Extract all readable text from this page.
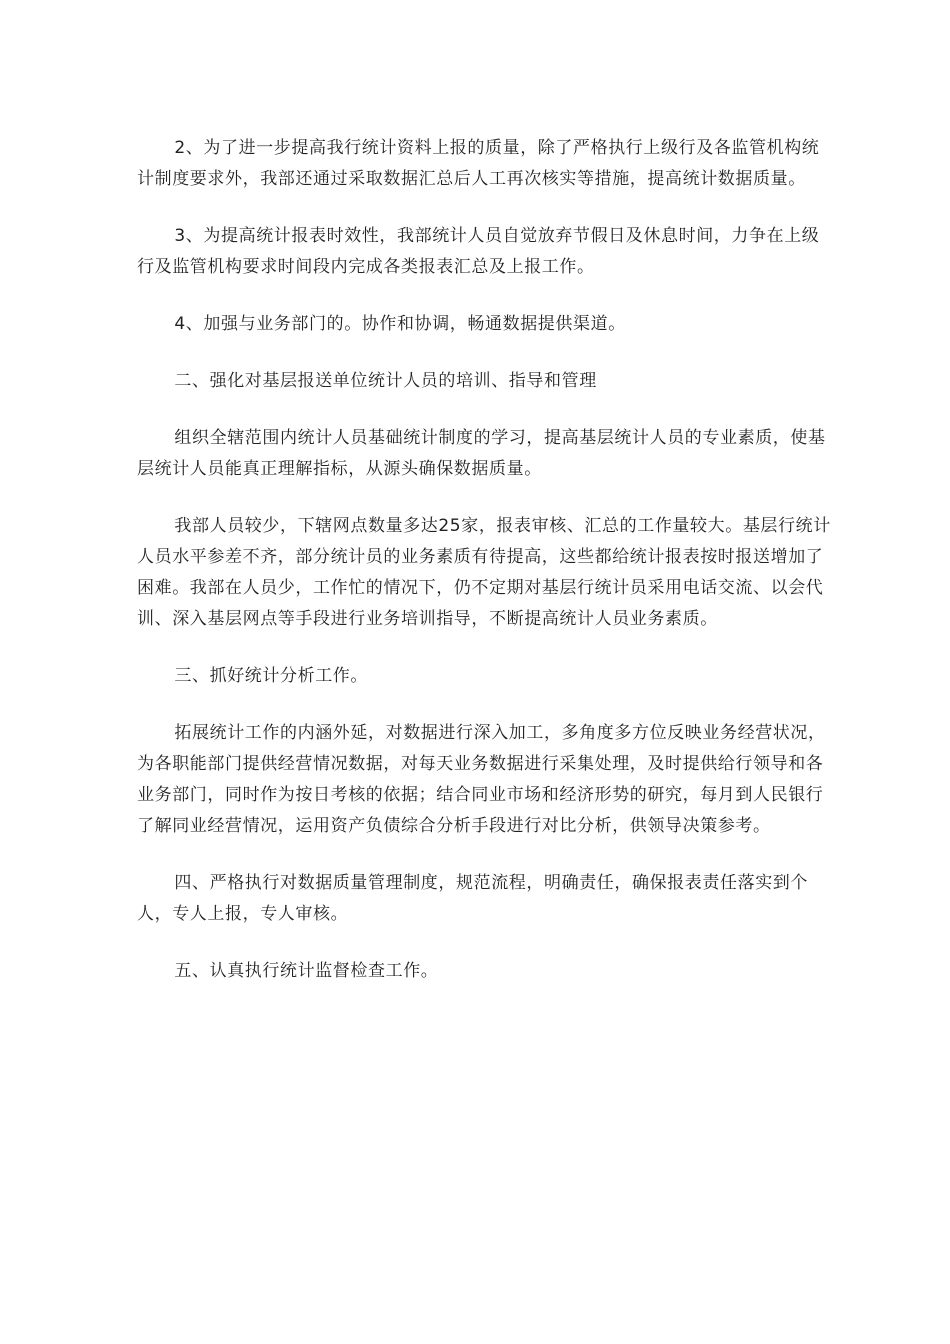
2、为了进一步提高我行统计资料上报的质量，除了严格执行上级行及各监管机构统计制度要求外，我部还通过采取数据汇总后人工再次核实等措施，提高统计数据质量。

3、为提高统计报表时效性，我部统计人员自觉放弃节假日及休息时间，力争在上级行及监管机构要求时间段内完成各类报表汇总及上报工作。

4、加强与业务部门的。协作和协调，畅通数据提供渠道。

二、强化对基层报送单位统计人员的培训、指导和管理

组织全辖范围内统计人员基础统计制度的学习，提高基层统计人员的专业素质，使基层统计人员能真正理解指标，从源头确保数据质量。

我部人员较少，下辖网点数量多达25家，报表审核、汇总的工作量较大。基层行统计人员水平参差不齐，部分统计员的业务素质有待提高，这些都给统计报表按时报送增加了困难。我部在人员少，工作忙的情况下，仍不定期对基层行统计员采用电话交流、以会代训、深入基层网点等手段进行业务培训指导，不断提高统计人员业务素质。

三、抓好统计分析工作。

拓展统计工作的内涵外延，对数据进行深入加工，多角度多方位反映业务经营状况，为各职能部门提供经营情况数据，对每天业务数据进行采集处理，及时提供给行领导和各业务部门，同时作为按日考核的依据；结合同业市场和经济形势的研究，每月到人民银行了解同业经营情况，运用资产负债综合分析手段进行对比分析，供领导决策参考。

四、严格执行对数据质量管理制度，规范流程，明确责任，确保报表责任落实到个人，专人上报，专人审核。

五、认真执行统计监督检查工作。
